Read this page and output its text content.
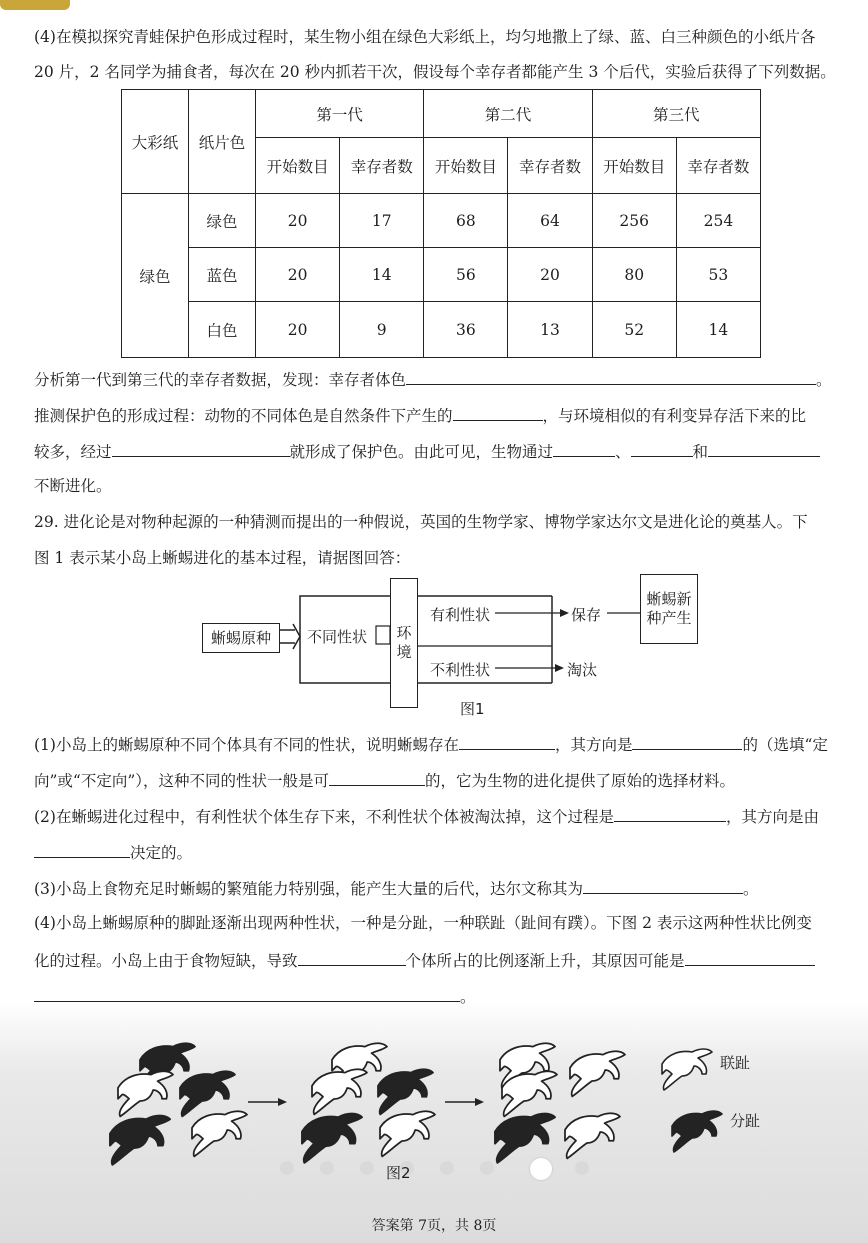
(4)在模拟探究青蛙保护色形成过程时，某生物小组在绿色大彩纸上，均匀地撒上了绿、蓝、白三种颜色的小纸片各
20 片，2 名同学为捕食者，每次在 20 秒内抓若干次，假设每个幸存者都能产生 3 个后代，实验后获得了下列数据。
大彩纸	纸片色	第一代		第二代		第三代	
		开始数目	幸存者数	开始数目	幸存者数	开始数目	幸存者数
绿色	绿色	20	17	68	64	256	254
	蓝色	20	14	56	20	80	53
	白色	20	9	36	13	52	14
分析第一代到第三代的幸存者数据，发现：幸存者体色	。
推测保护色的形成过程：动物的不同体色是自然条件下产生的	，与环境相似的有利变异存活下来的比
较多，经过	就形成了保护色。由此可见，生物通过	、	和
不断进化。
29. 进化论是对物种起源的一种猜测而提出的一种假说，英国的生物学家、博物学家达尔文是进化论的奠基人。下
图 1 表示某小岛上蜥蜴进化的基本过程，请据图回答：
蜥蜴原种	不同性状 环境
有利性状	保存
不利性状	淘汰
蜥蜴新种产生
图1
(1)小岛上的蜥蜴原种不同个体具有不同的性状，说明蜥蜴存在	，其方向是	的（选填“定
向”或“不定向”），这种不同的性状一般是可	的，它为生物的进化提供了原始的选择材料。
(2)在蜥蜴进化过程中，有利性状个体生存下来，不利性状个体被淘汰掉，这个过程是	，其方向是由
决定的。
(3)小岛上食物充足时蜥蜴的繁殖能力特别强，能产生大量的后代，达尔文称其为	。
(4)小岛上蜥蜴原种的脚趾逐渐出现两种性状，一种是分趾，一种联趾（趾间有蹼）。下图 2 表示这两种性状比例变
化的过程。小岛上由于食物短缺，导致	个体所占的比例逐渐上升，其原因可能是
。
联趾
分趾
图2
答案第 7页，共 8页
